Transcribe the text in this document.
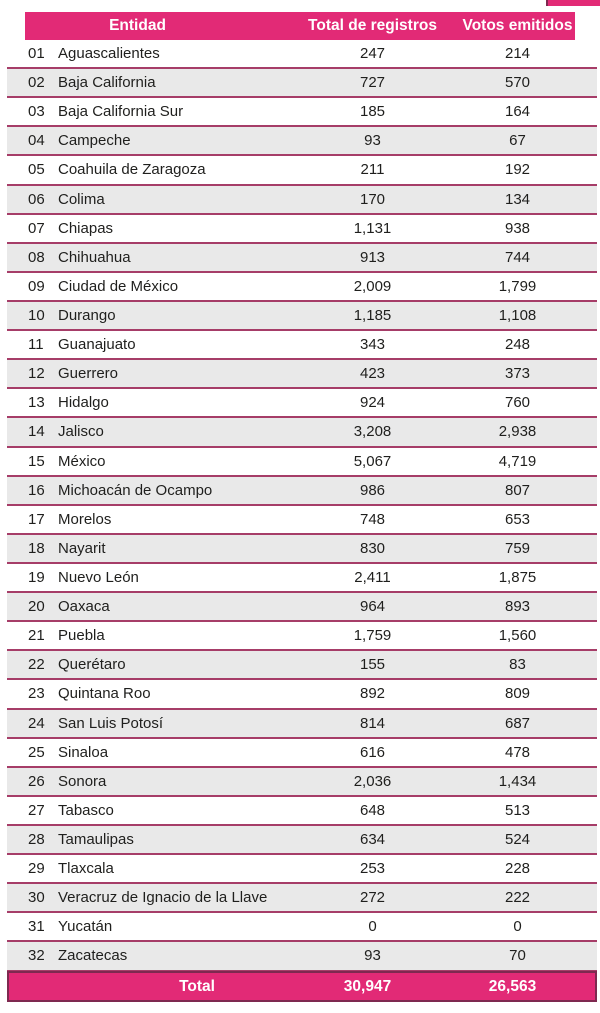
Entidad	Total de registros	Votos emitidos
01 Aguascalientes	247	214
02 Baja California	727	570
03 Baja California Sur	185	164
04 Campeche	93	67
05 Coahuila de Zaragoza	211	192
06 Colima	170	134
07 Chiapas	1,131	938
08 Chihuahua	913	744
09 Ciudad de México	2,009	1,799
10 Durango	1,185	1,108
11 Guanajuato	343	248
12 Guerrero	423	373
13 Hidalgo	924	760
14 Jalisco	3,208	2,938
15 México	5,067	4,719
16 Michoacán de Ocampo	986	807
17 Morelos	748	653
18 Nayarit	830	759
19 Nuevo León	2,411	1,875
20 Oaxaca	964	893
21 Puebla	1,759	1,560
22 Querétaro	155	83
23 Quintana Roo	892	809
24 San Luis Potosí	814	687
25 Sinaloa	616	478
26 Sonora	2,036	1,434
27 Tabasco	648	513
28 Tamaulipas	634	524
29 Tlaxcala	253	228
30 Veracruz de Ignacio de la Llave	272	222
31 Yucatán	0	0
32 Zacatecas	93	70
Total	30,947	26,563
